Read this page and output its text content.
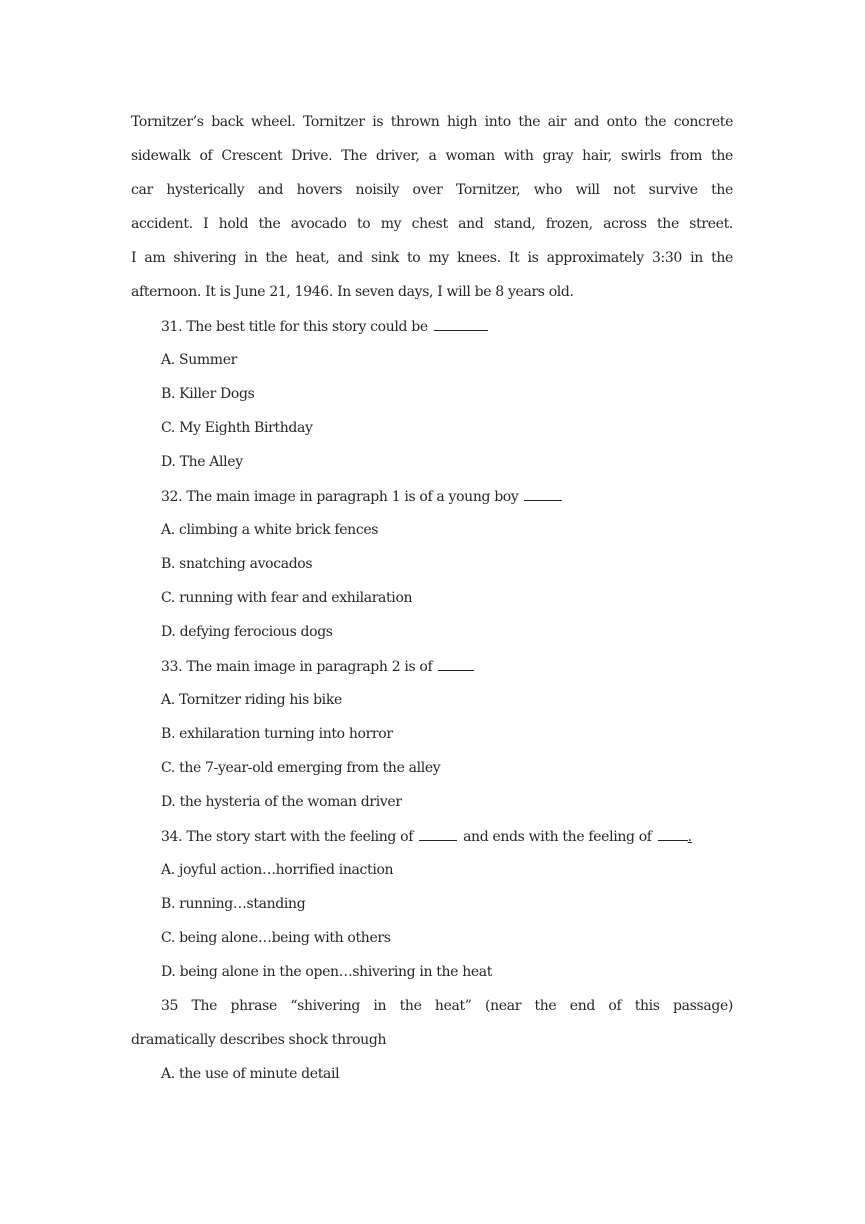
Tornitzer’s back wheel. Tornitzer is thrown high into the air and onto the concrete
sidewalk of Crescent Drive. The driver, a woman with gray hair, swirls from the
car hysterically and hovers noisily over Tornitzer, who will not survive the
accident. I hold the avocado to my chest and stand, frozen, across the street.
I am shivering in the heat, and sink to my knees. It is approximately 3:30 in the
afternoon. It is June 21, 1946. In seven days, I will be 8 years old.
31. The best title for this story could be
A. Summer
B. Killer Dogs
C. My Eighth Birthday
D. The Alley
32. The main image in paragraph 1 is of a young boy
A. climbing a white brick fences
B. snatching avocados
C. running with fear and exhilaration
D. defying ferocious dogs
33. The main image in paragraph 2 is of
A. Tornitzer riding his bike
B. exhilaration turning into horror
C. the 7-year-old emerging from the alley
D. the hysteria of the woman driver
34. The story start with the feeling of	and ends with the feeling of	.
A. joyful action…horrified inaction
B. running…standing
C. being alone…being with others
D. being alone in the open…shivering in the heat
35 The phrase “shivering in the heat” (near the end of this passage)
dramatically describes shock through
A. the use of minute detail
